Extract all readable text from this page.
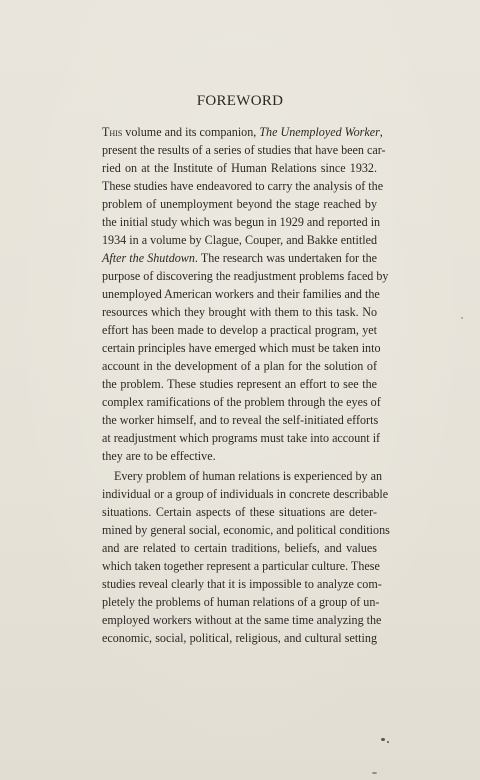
FOREWORD
This volume and its companion, The Unemployed Worker,
present the results of a series of studies that have been car-
ried on at the Institute of Human Relations since 1932.
These studies have endeavored to carry the analysis of the
problem of unemployment beyond the stage reached by
the initial study which was begun in 1929 and reported in
1934 in a volume by Clague, Couper, and Bakke entitled
After the Shutdown. The research was undertaken for the
purpose of discovering the readjustment problems faced by
unemployed American workers and their families and the
resources which they brought with them to this task. No
effort has been made to develop a practical program, yet
certain principles have emerged which must be taken into
account in the development of a plan for the solution of
the problem. These studies represent an effort to see the
complex ramifications of the problem through the eyes of
the worker himself, and to reveal the self-initiated efforts
at readjustment which programs must take into account if
they are to be effective.
Every problem of human relations is experienced by an
individual or a group of individuals in concrete describable
situations. Certain aspects of these situations are deter-
mined by general social, economic, and political conditions
and are related to certain traditions, beliefs, and values
which taken together represent a particular culture. These
studies reveal clearly that it is impossible to analyze com-
pletely the problems of human relations of a group of un-
employed workers without at the same time analyzing the
economic, social, political, religious, and cultural setting
